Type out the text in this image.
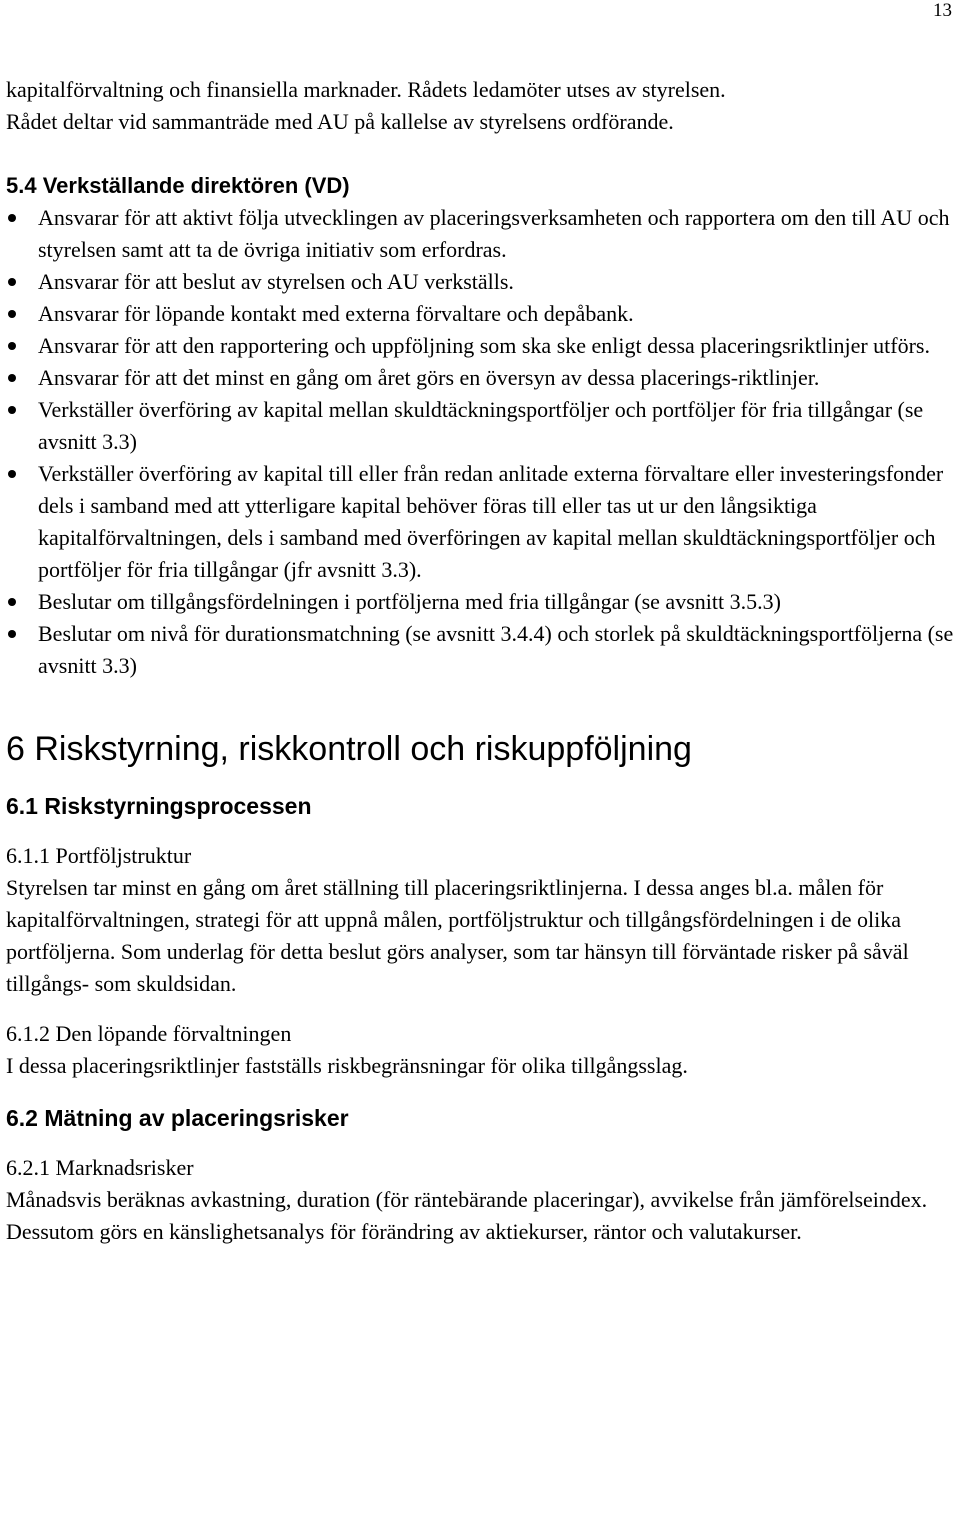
13

kapitalförvaltning och finansiella marknader. Rådets ledamöter utses av styrelsen.

Rådet deltar vid sammanträde med AU på kallelse av styrelsens ordförande.

5.4 Verkställande direktören (VD)
Ansvarar för att aktivt följa utvecklingen av placeringsverksamheten och rapportera om den till AU och styrelsen samt att ta de övriga initiativ som erfordras.
Ansvarar för att beslut av styrelsen och AU verkställs.
Ansvarar för löpande kontakt med externa förvaltare och depåbank.
Ansvarar för att den rapportering och uppföljning som ska ske enligt dessa placeringsriktlinjer utförs.
Ansvarar för att det minst en gång om året görs en översyn av dessa placerings-riktlinjer.
Verkställer överföring av kapital mellan skuldtäckningsportföljer och portföljer för fria tillgångar (se avsnitt 3.3)
Verkställer överföring av kapital till eller från redan anlitade externa förvaltare eller investeringsfonder dels i samband med att ytterligare kapital behöver föras till eller tas ut ur den långsiktiga kapitalförvaltningen, dels i samband med överföringen av kapital mellan skuldtäckningsportföljer och portföljer för fria tillgångar (jfr avsnitt 3.3).
Beslutar om tillgångsfördelningen i portföljerna med fria tillgångar (se avsnitt 3.5.3)
Beslutar om nivå för durationsmatchning (se avsnitt 3.4.4) och storlek på skuldtäckningsportföljerna (se avsnitt 3.3)
6 Riskstyrning, riskkontroll och riskuppföljning
6.1 Riskstyrningsprocessen
6.1.1 Portföljstruktur

Styrelsen tar minst en gång om året ställning till placeringsriktlinjerna. I dessa anges bl.a. målen för kapitalförvaltningen, strategi för att uppnå målen, portföljstruktur och tillgångsfördelningen i de olika portföljerna. Som underlag för detta beslut görs analyser, som tar hänsyn till förväntade risker på såväl tillgångs- som skuldsidan.

6.1.2 Den löpande förvaltningen

I dessa placeringsriktlinjer fastställs riskbegränsningar för olika tillgångsslag.

6.2 Mätning av placeringsrisker
6.2.1 Marknadsrisker

Månadsvis beräknas avkastning, duration (för räntebärande placeringar), avvikelse från jämförelseindex. Dessutom görs en känslighetsanalys för förändring av aktiekurser, räntor och valutakurser.
